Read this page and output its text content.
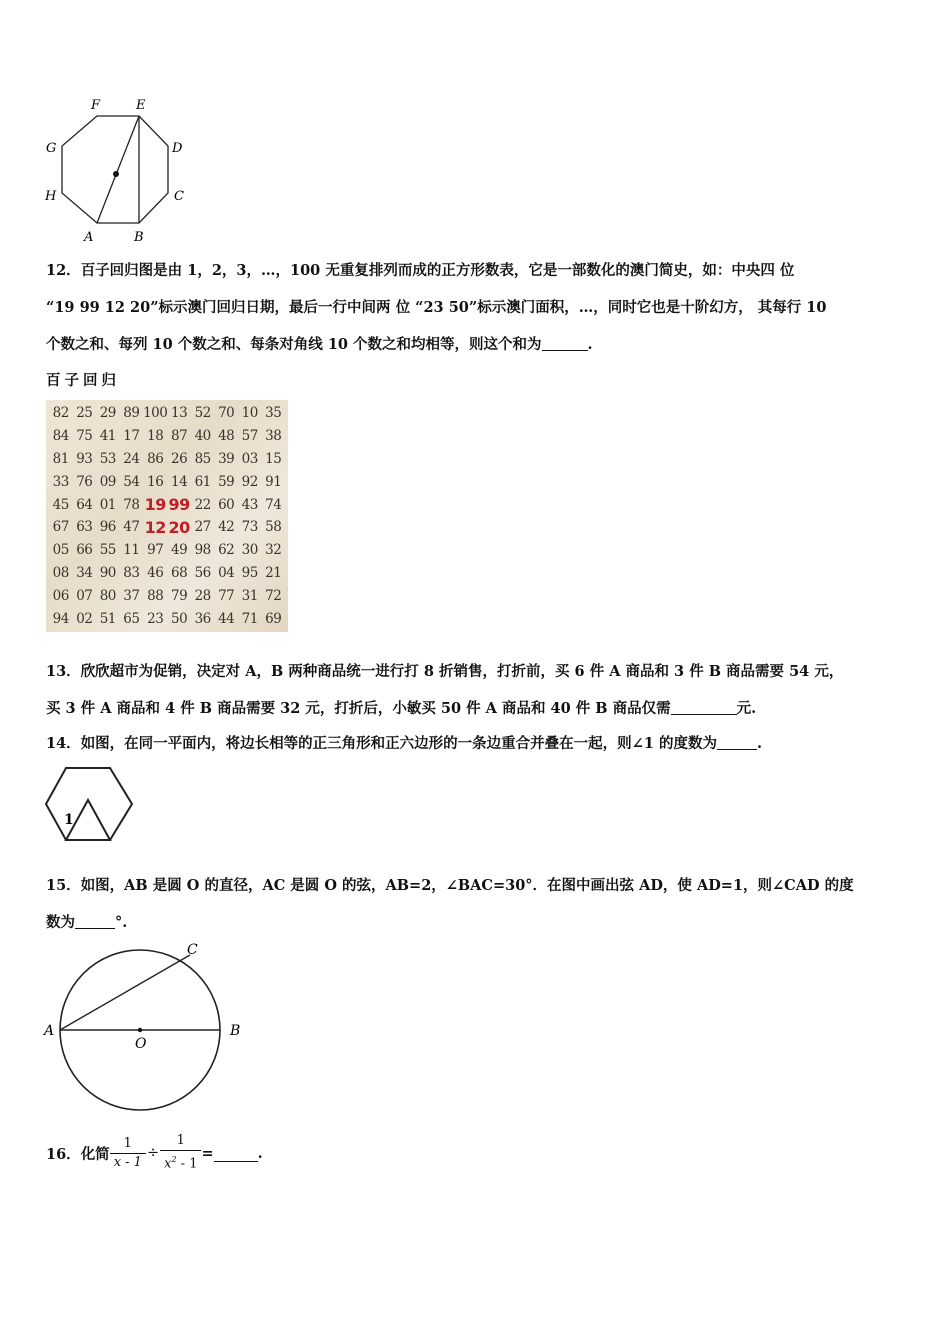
F	E
D
G
C
H
A	B
12．百子回归图是由 1，2，3，…，100 无重复排列而成的正方形数表，它是一部数化的澳门简史，如：中央四 位
“19 99 12 20”标示澳门回归日期，最后一行中间两 位 “23 50”标示澳门面积，…，同时它也是十阶幻方， 其每行 10
个数之和、每列 10 个数之和、每条对角线 10 个数之和均相等，则这个和为	.
百子回归
82 25 29 89 100 13 52 70 10 35
84 75 41 17 18 87 40 48 57 38
81 93 53 24 86 26 85 39 03 15
33 76 09 54 16 14 61 59 92 91
45 64 01 78 19 99 22 60 43 74
67 63 96 47 12 20 27 42 73 58
05 66 55 11 97 49 98 62 30 32
08 34 90 83 46 68 56 04 95 21
06 07 80 37 88 79 28 77 31 72
94 02 51 65 23 50 36 44 71 69
13．欣欣超市为促销，决定对 A，B 两种商品统一进行打 8 折销售，打折前，买 6 件 A 商品和 3 件 B 商品需要 54 元，
买 3 件 A 商品和 4 件 B 商品需要 32 元，打折后，小敏买 50 件 A 商品和 40 件 B 商品仅需	元.
14．如图，在同一平面内，将边长相等的正三角形和正六边形的一条边重合并叠在一起，则∠1 的度数为	.
1
15．如图，AB 是圆 O 的直径，AC 是圆 O 的弦，AB=2，∠BAC=30°．在图中画出弦 AD，使 AD=1，则∠CAD 的度
数为	°.
A	B
C
O
16． 化简 $\frac{1}{x - 1} \div \frac{1}{x^2 - 1}$ =	.
